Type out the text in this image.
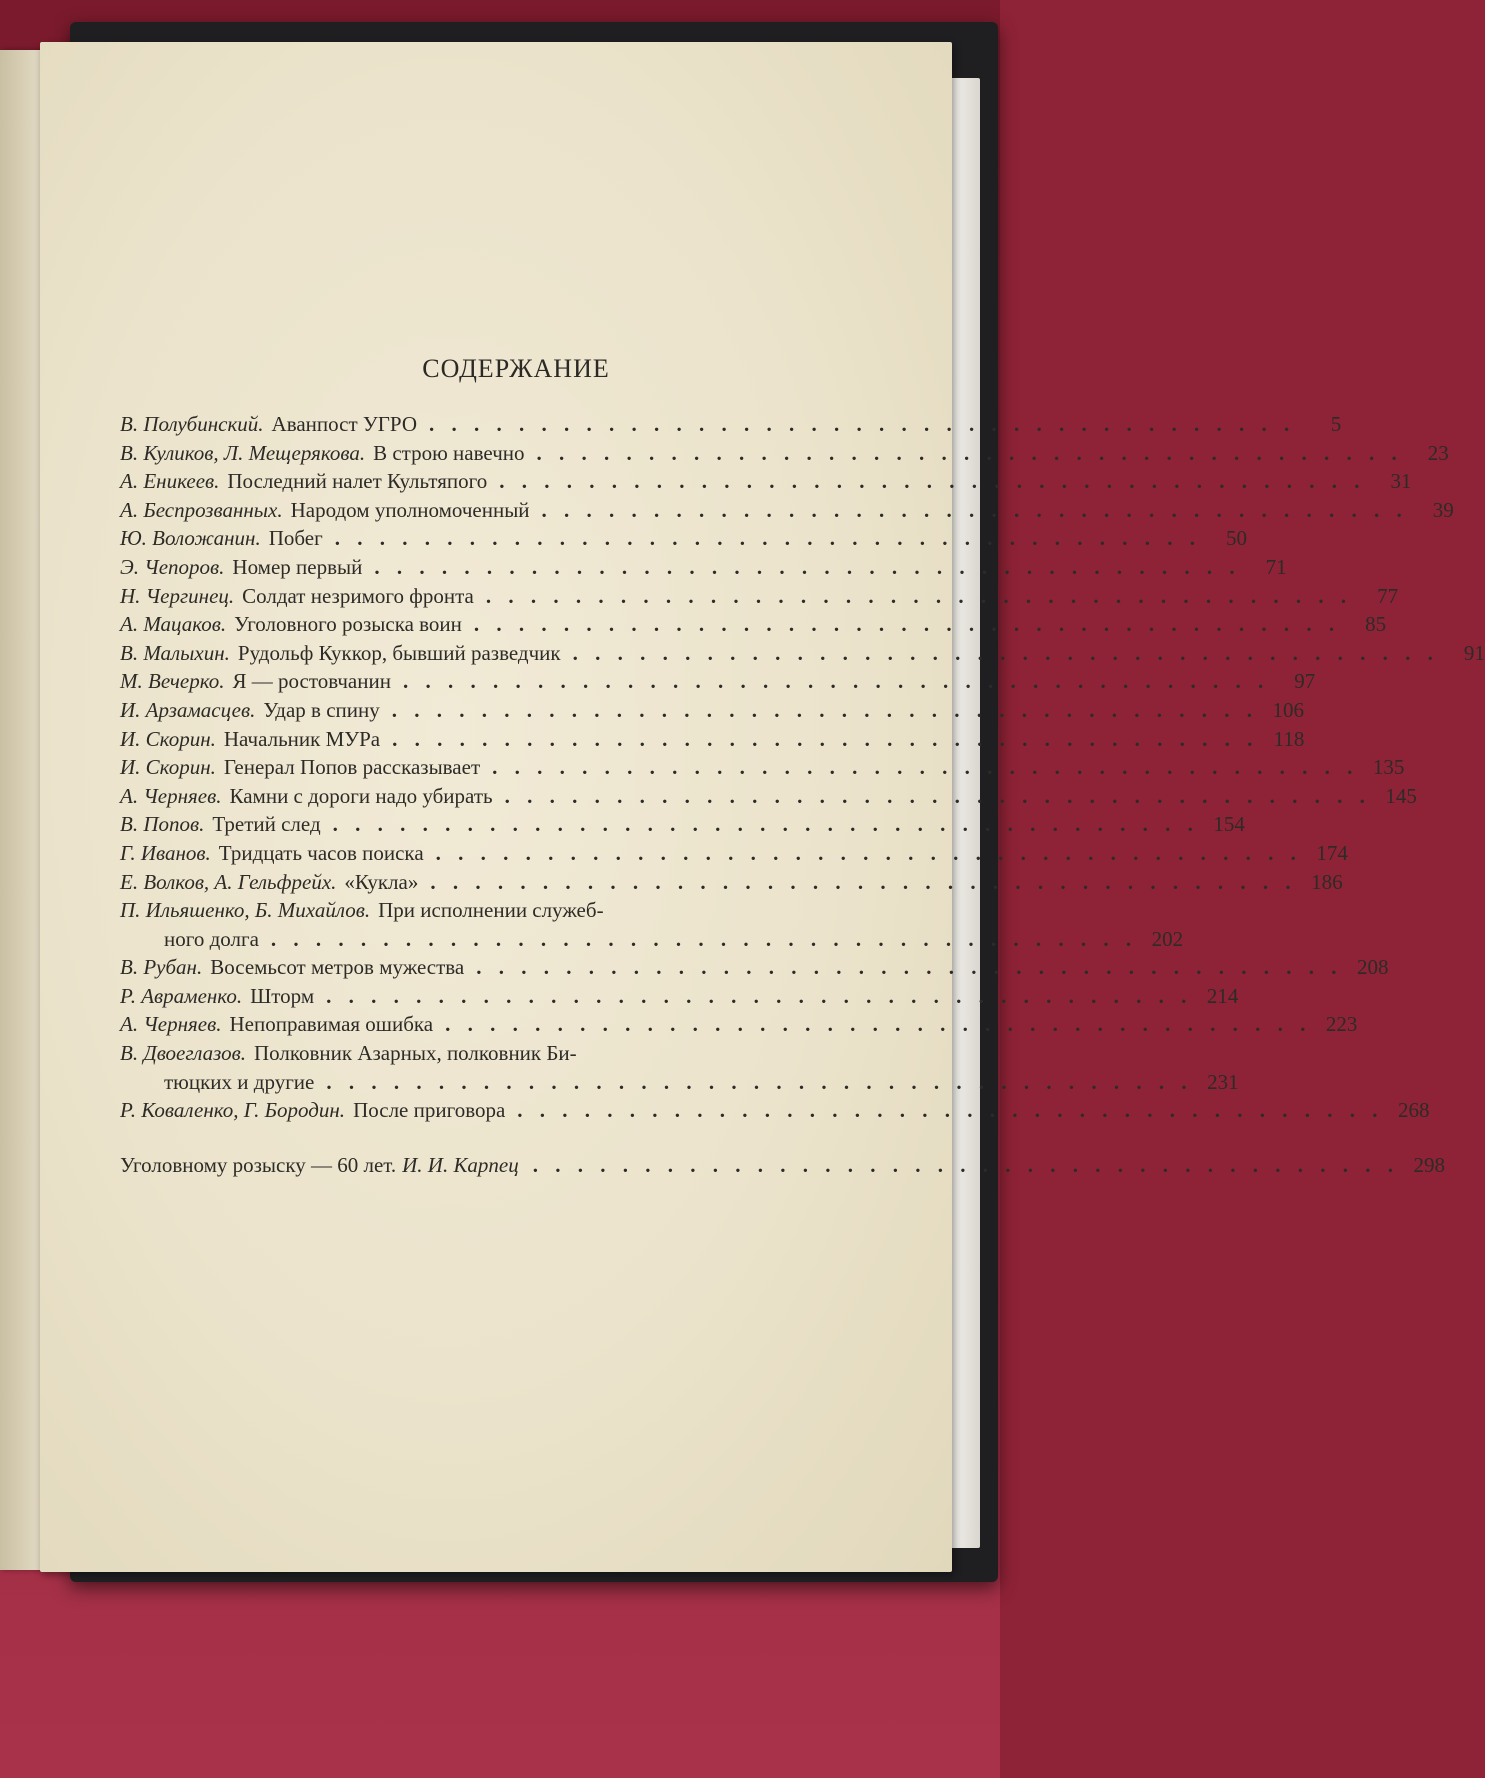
СОДЕРЖАНИЕ
В. Полубинский. Аванпост УГРО . . . . . . . . . . . . . . . . . . . . . . . . . . . . . . . . . . . . . . .	5
В. Куликов, Л. Мещерякова. В строю навечно . . . . . . . . . . . . . . . . . . . . . . . . . . . . . . . . . . . . . . .	23
А. Еникеев. Последний налет Культяпого . . . . . . . . . . . . . . . . . . . . . . . . . . . . . . . . . . . . . . .	31
А. Беспрозванных. Народом уполномоченный . . . . . . . . . . . . . . . . . . . . . . . . . . . . . . . . . . . . . . .	39
Ю. Воложанин. Побег . . . . . . . . . . . . . . . . . . . . . . . . . . . . . . . . . . . . . . .	50
Э. Чепоров. Номер первый . . . . . . . . . . . . . . . . . . . . . . . . . . . . . . . . . . . . . . .	71
Н. Чергинец. Солдат незримого фронта . . . . . . . . . . . . . . . . . . . . . . . . . . . . . . . . . . . . . . .	77
А. Мацаков. Уголовного розыска воин . . . . . . . . . . . . . . . . . . . . . . . . . . . . . . . . . . . . . . .	85
В. Малыхин. Рудольф Куккор, бывший разведчик . . . . . . . . . . . . . . . . . . . . . . . . . . . . . . . . . . . . . . .	91
М. Вечерко. Я — ростовчанин . . . . . . . . . . . . . . . . . . . . . . . . . . . . . . . . . . . . . . .	97
И. Арзамасцев. Удар в спину . . . . . . . . . . . . . . . . . . . . . . . . . . . . . . . . . . . . . . . 106
И. Скорин. Начальник МУРа . . . . . . . . . . . . . . . . . . . . . . . . . . . . . . . . . . . . . . . 118
И. Скорин. Генерал Попов рассказывает . . . . . . . . . . . . . . . . . . . . . . . . . . . . . . . . . . . . . . . 135
А. Черняев. Камни с дороги надо убирать . . . . . . . . . . . . . . . . . . . . . . . . . . . . . . . . . . . . . . . 145
В. Попов. Третий след . . . . . . . . . . . . . . . . . . . . . . . . . . . . . . . . . . . . . . . 154
Г. Иванов. Тридцать часов поиска . . . . . . . . . . . . . . . . . . . . . . . . . . . . . . . . . . . . . . . 174
Е. Волков, А. Гельфрейх. «Кукла» . . . . . . . . . . . . . . . . . . . . . . . . . . . . . . . . . . . . . . . 186
П. Ильяшенко, Б. Михайлов. При исполнении служеб-
ного долга . . . . . . . . . . . . . . . . . . . . . . . . . . . . . . . . . . . . . . . 202
В. Рубан. Восемьсот метров мужества . . . . . . . . . . . . . . . . . . . . . . . . . . . . . . . . . . . . . . . 208
Р. Авраменко. Шторм . . . . . . . . . . . . . . . . . . . . . . . . . . . . . . . . . . . . . . . 214
А. Черняев. Непоправимая ошибка . . . . . . . . . . . . . . . . . . . . . . . . . . . . . . . . . . . . . . . 223
В. Двоеглазов. Полковник Азарных, полковник Би-
тюцких и другие . . . . . . . . . . . . . . . . . . . . . . . . . . . . . . . . . . . . . . . 231
Р. Коваленко, Г. Бородин. После приговора . . . . . . . . . . . . . . . . . . . . . . . . . . . . . . . . . . . . . . . 268
Уголовному розыску — 60 лет. И. И. Карпец . . . . . . . . . . . . . . . . . . . . . . . . . . . . . . . . . . . . . . . 298
